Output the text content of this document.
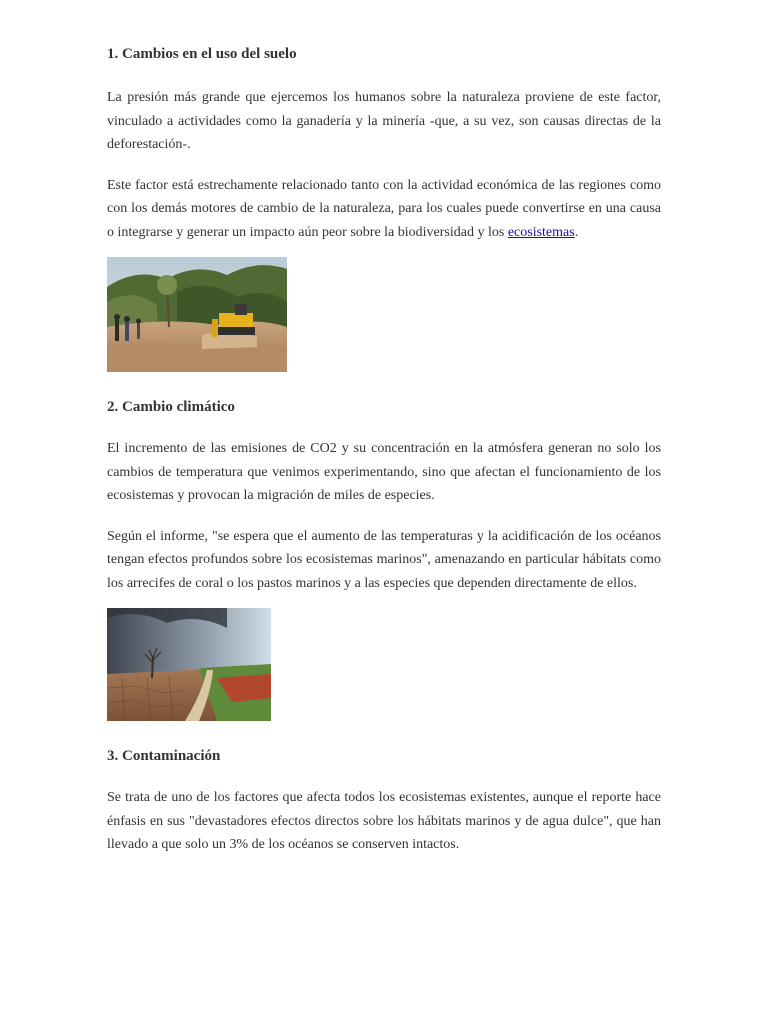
1. Cambios en el uso del suelo

La presión más grande que ejercemos los humanos sobre la naturaleza proviene de este factor, vinculado a actividades como la ganadería y la minería -que, a su vez, son causas directas de la deforestación-.

Este factor está estrechamente relacionado tanto con la actividad económica de las regiones como con los demás motores de cambio de la naturaleza, para los cuales puede convertirse en una causa o integrarse y generar un impacto aún peor sobre la biodiversidad y los ecosistemas.

2. Cambio climático

El incremento de las emisiones de CO2 y su concentración en la atmósfera generan no solo los cambios de temperatura que venimos experimentando, sino que afectan el funcionamiento de los ecosistemas y provocan la migración de miles de especies.

Según el informe, "se espera que el aumento de las temperaturas y la acidificación de los océanos tengan efectos profundos sobre los ecosistemas marinos", amenazando en particular hábitats como los arrecifes de coral o los pastos marinos y a las especies que dependen directamente de ellos.

3. Contaminación

Se trata de uno de los factores que afecta todos los ecosistemas existentes, aunque el reporte hace énfasis en sus "devastadores efectos directos sobre los hábitats marinos y de agua dulce", que han llevado a que solo un 3% de los océanos se conserven intactos.
